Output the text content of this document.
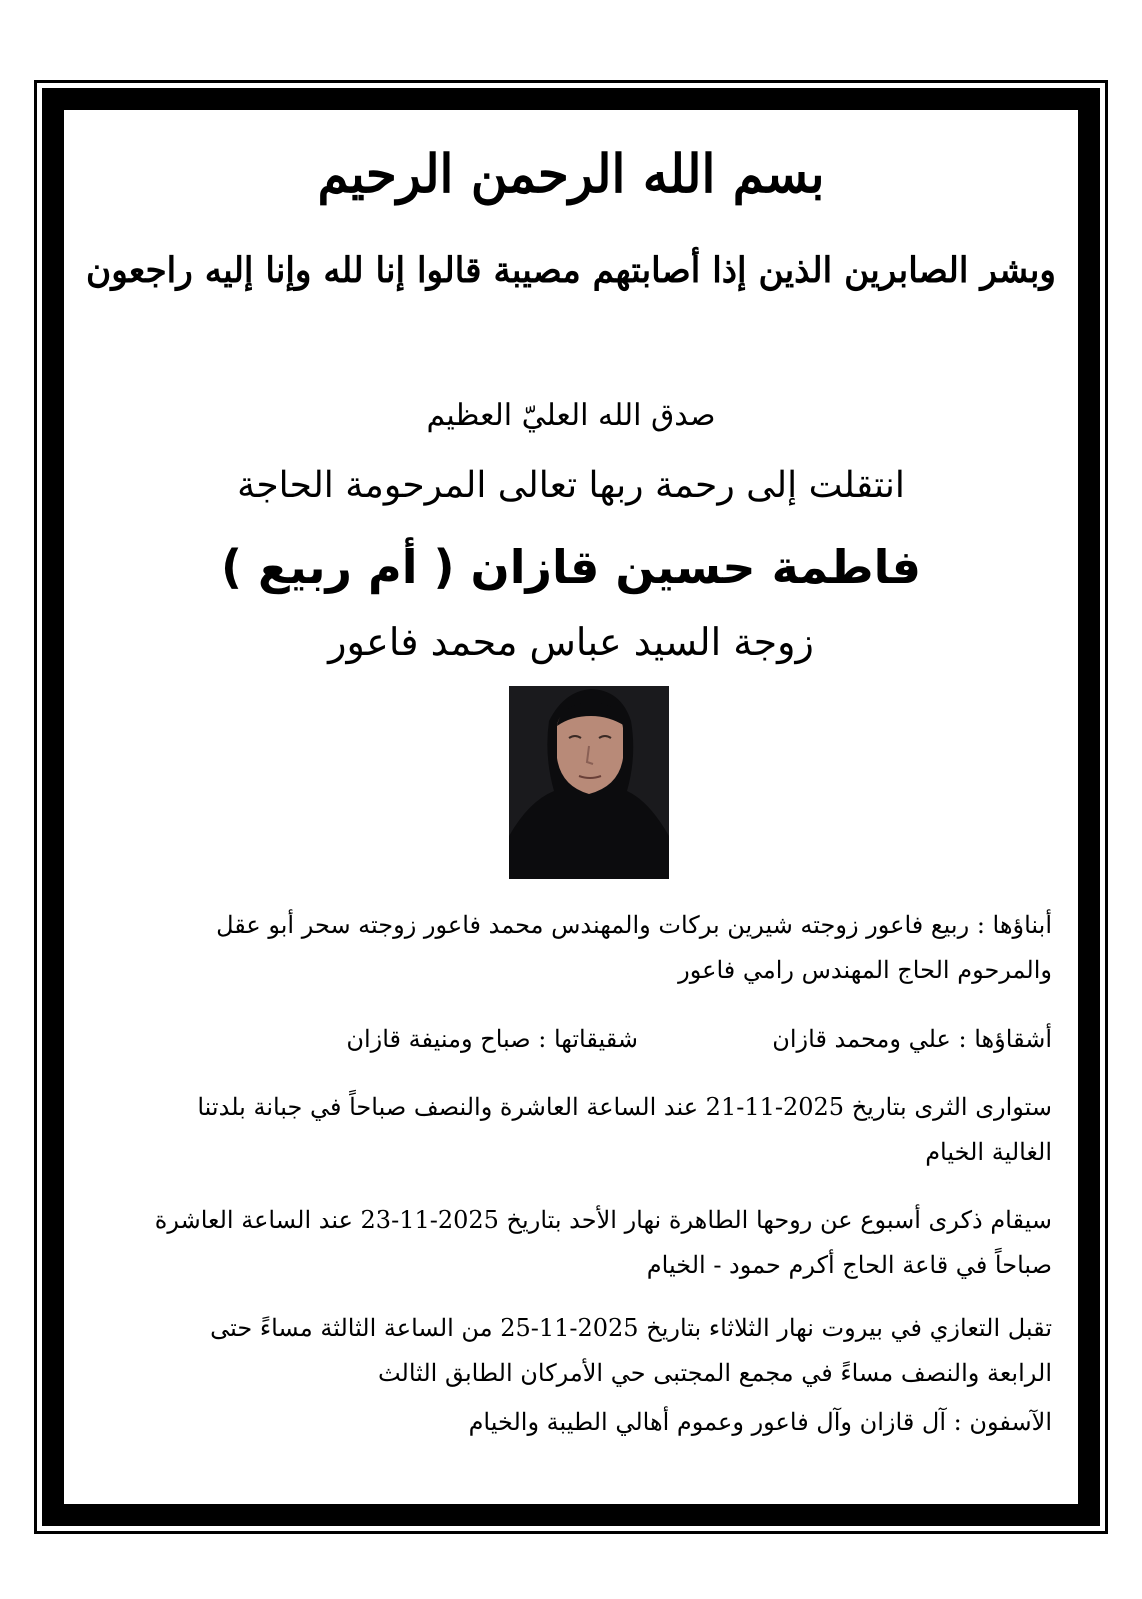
بسم الله الرحمن الرحيم
وبشر الصابرين الذين إذا أصابتهم مصيبة قالوا إنا لله وإنا إليه راجعون
صدق الله العليّ العظيم
انتقلت إلى رحمة ربها تعالى المرحومة الحاجة
فاطمة حسين قازان ( أم ربيع )
زوجة السيد عباس محمد فاعور
أبناؤها : ربيع فاعور زوجته شيرين بركات والمهندس محمد فاعور زوجته سحر أبو عقل والمرحوم الحاج المهندس رامي فاعور
أشقاؤها : علي ومحمد قازان
شقيقاتها : صباح ومنيفة قازان
ستوارى الثرى بتاريخ 2025-11-21 عند الساعة العاشرة والنصف صباحاً في جبانة بلدتنا الغالية الخيام
سيقام ذكرى أسبوع عن روحها الطاهرة نهار الأحد بتاريخ 2025-11-23 عند الساعة العاشرة صباحاً في قاعة الحاج أكرم حمود - الخيام
تقبل التعازي في بيروت نهار الثلاثاء بتاريخ 2025-11-25 من الساعة الثالثة مساءً حتى الرابعة والنصف مساءً في مجمع المجتبى حي الأمركان الطابق الثالث
الآسفون : آل قازان وآل فاعور وعموم أهالي الطيبة والخيام
